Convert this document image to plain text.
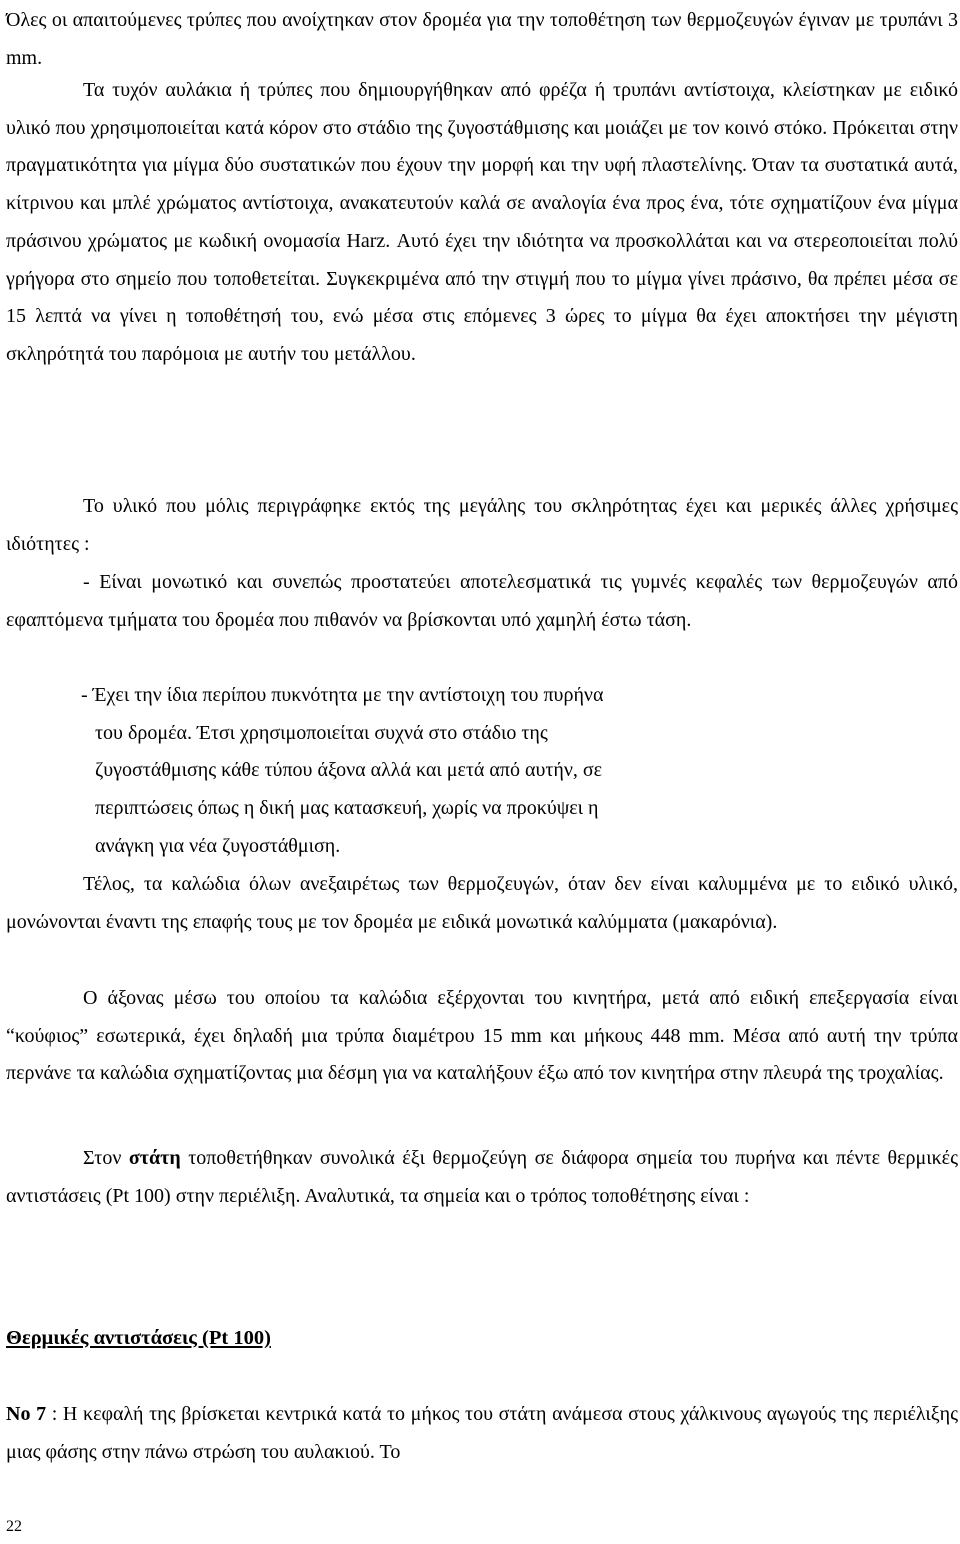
Όλες οι απαιτούμενες τρύπες που ανοίχτηκαν στον δρομέα για την τοποθέτηση των θερμοζευγών έγιναν με τρυπάνι 3 mm.

Τα τυχόν αυλάκια ή τρύπες που δημιουργήθηκαν από φρέζα ή τρυπάνι αντίστοιχα, κλείστηκαν με ειδικό υλικό που χρησιμοποιείται κατά κόρον στο στάδιο της ζυγοστάθμισης και μοιάζει με τον κοινό στόκο. Πρόκειται στην πραγματικότητα για μίγμα δύο συστατικών που έχουν την μορφή και την υφή πλαστελίνης. Όταν τα συστατικά αυτά, κίτρινου και μπλέ χρώματος αντίστοιχα, ανακατευτούν καλά σε αναλογία ένα προς ένα, τότε σχηματίζουν ένα μίγμα πράσινου χρώματος με κωδική ονομασία Harz. Αυτό έχει την ιδιότητα να προσκολλάται και να στερεοποιείται πολύ γρήγορα στο σημείο που τοποθετείται. Συγκεκριμένα από την στιγμή που το μίγμα γίνει πράσινο, θα πρέπει μέσα σε 15 λεπτά να γίνει η τοποθέτησή του, ενώ μέσα στις επόμενες 3 ώρες το μίγμα θα έχει αποκτήσει την μέγιστη σκληρότητά του παρόμοια με αυτήν του μετάλλου.

Το υλικό που μόλις περιγράφηκε εκτός της μεγάλης του σκληρότητας έχει και μερικές άλλες χρήσιμες ιδιότητες :

- Είναι μονωτικό και συνεπώς προστατεύει αποτελεσματικά τις γυμνές κεφαλές των θερμοζευγών από εφαπτόμενα τμήματα του δρομέα που πιθανόν να βρίσκονται υπό χαμηλή έστω τάση.

- Έχει την ίδια περίπου πυκνότητα με την αντίστοιχη του πυρήνα
του δρομέα. Έτσι χρησιμοποιείται συχνά στο στάδιο της
ζυγοστάθμισης κάθε τύπου άξονα αλλά και μετά από αυτήν, σε
περιπτώσεις όπως η δική μας κατασκευή, χωρίς να προκύψει η
ανάγκη για νέα ζυγοστάθμιση.

Τέλος, τα καλώδια όλων ανεξαιρέτως των θερμοζευγών, όταν δεν είναι καλυμμένα με το ειδικό υλικό, μονώνονται έναντι της επαφής τους με τον δρομέα με ειδικά μονωτικά καλύμματα (μακαρόνια).

Ο άξονας μέσω του οποίου τα καλώδια εξέρχονται του κινητήρα, μετά από ειδική επεξεργασία είναι “κούφιος” εσωτερικά, έχει δηλαδή μια τρύπα διαμέτρου 15 mm και μήκους 448 mm. Μέσα από αυτή την τρύπα περνάνε τα καλώδια σχηματίζοντας μια δέσμη για να καταλήξουν έξω από τον κινητήρα στην πλευρά της τροχαλίας.

Στον στάτη τοποθετήθηκαν συνολικά έξι θερμοζεύγη σε διάφορα σημεία του πυρήνα και πέντε θερμικές αντιστάσεις (Pt 100) στην περιέλιξη. Αναλυτικά, τα σημεία και ο τρόπος τοποθέτησης είναι :

Θερμικές αντιστάσεις (Pt 100)

Νο 7 : Η κεφαλή της βρίσκεται κεντρικά κατά το μήκος του στάτη ανάμεσα στους χάλκινους αγωγούς της περιέλιξης μιας φάσης στην πάνω στρώση του αυλακιού. Το

22
